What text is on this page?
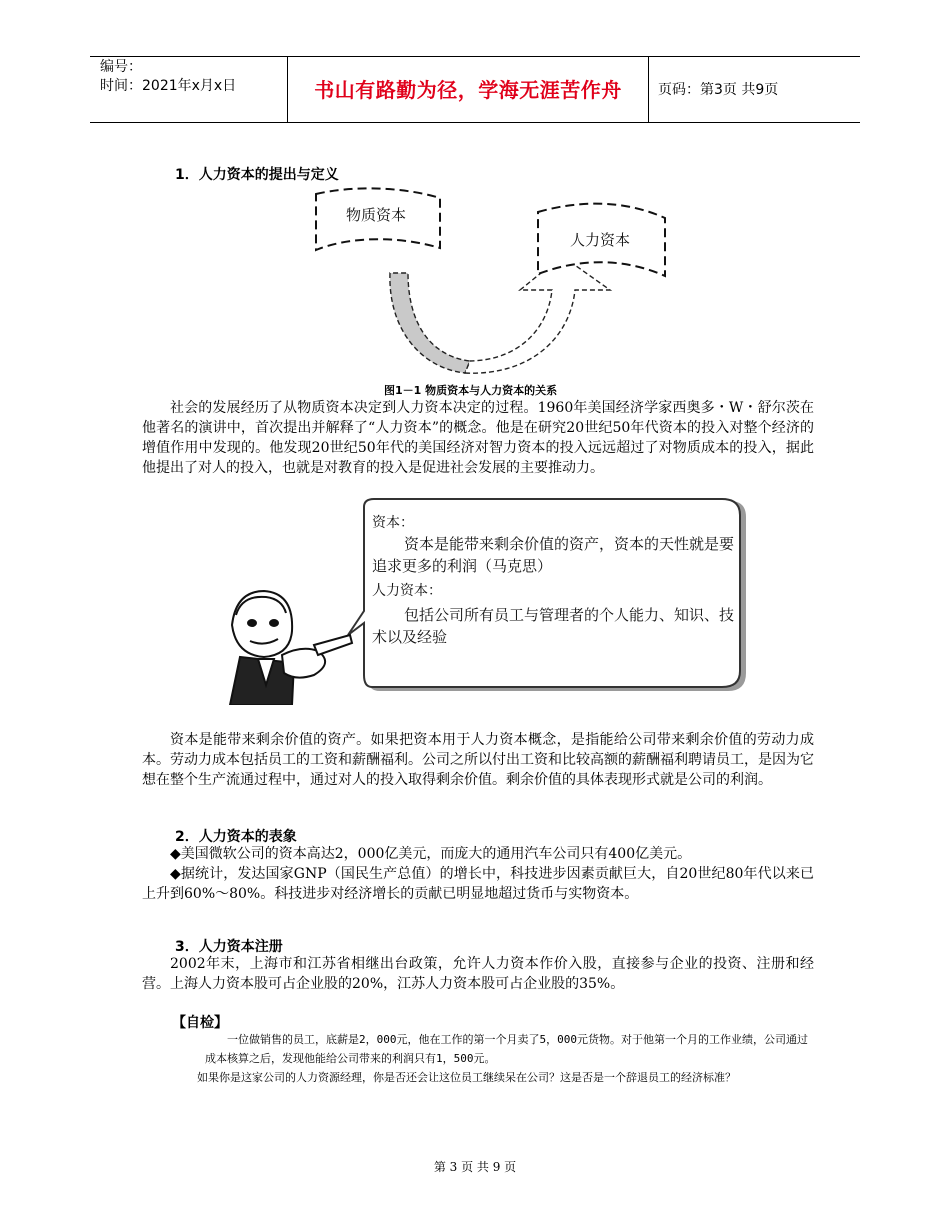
编号：
时间：2021年x月x日	书山有路勤为径，学海无涯苦作舟	页码：第3页 共9页
1．人力资本的提出与定义
物质资本
人力资本
图1－1 物质资本与人力资本的关系

社会的发展经历了从物质资本决定到人力资本决定的过程。1960年美国经济学家西奥多・W・舒尔茨在他著名的演讲中，首次提出并解释了“人力资本”的概念。他是在研究20世纪50年代资本的投入对整个经济的增值作用中发现的。他发现20世纪50年代的美国经济对智力资本的投入远远超过了对物质成本的投入，据此他提出了对人的投入，也就是对教育的投入是促进社会发展的主要推动力。

资本：
资本是能带来剩余价值的资产，资本的天性就是要追求更多的利润（马克思）
人力资本：
包括公司所有员工与管理者的个人能力、知识、技术以及经验

资本是能带来剩余价值的资产。如果把资本用于人力资本概念，是指能给公司带来剩余价值的劳动力成本。劳动力成本包括员工的工资和薪酬福利。公司之所以付出工资和比较高额的薪酬福利聘请员工，是因为它想在整个生产流通过程中，通过对人的投入取得剩余价值。剩余价值的具体表现形式就是公司的利润。

2．人力资本的表象

◆美国微软公司的资本高达2，000亿美元，而庞大的通用汽车公司只有400亿美元。

◆据统计，发达国家GNP（国民生产总值）的增长中，科技进步因素贡献巨大，自20世纪80年代以来已上升到60%～80%。科技进步对经济增长的贡献已明显地超过货币与实物资本。

3．人力资本注册

2002年末，上海市和江苏省相继出台政策，允许人力资本作价入股，直接参与企业的投资、注册和经营。上海人力资本股可占企业股的20%，江苏人力资本股可占企业股的35%。

【自检】

一位做销售的员工，底薪是2，000元，他在工作的第一个月卖了5，000元货物。对于他第一个月的工作业绩，公司通过成本核算之后，发现他能给公司带来的利润只有1，500元。

如果你是这家公司的人力资源经理，你是否还会让这位员工继续呆在公司？这是否是一个辞退员工的经济标准？

第 3 页 共 9 页
